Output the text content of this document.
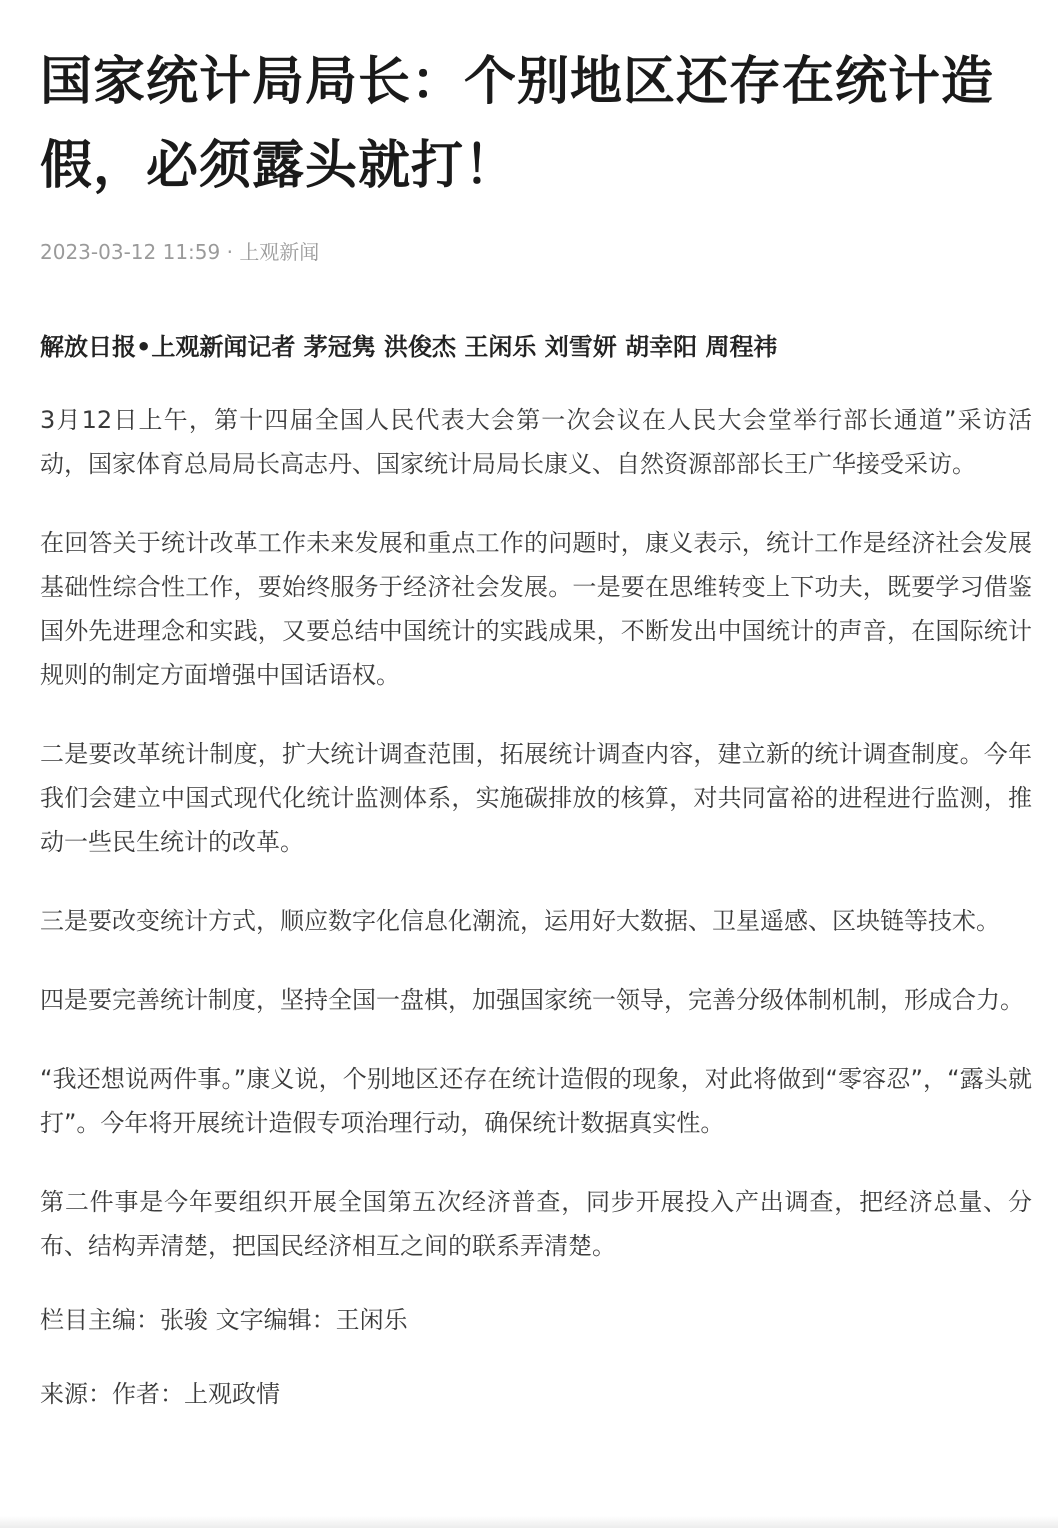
国家统计局局长：个别地区还存在统计造假，必须露头就打！
2023-03-12 11:59 · 上观新闻
解放日报•上观新闻记者 茅冠隽 洪俊杰 王闲乐 刘雪妍 胡幸阳 周程祎

3月12日上午，第十四届全国人民代表大会第一次会议在人民大会堂举行部长通道”采访活动，国家体育总局局长高志丹、国家统计局局长康义、自然资源部部长王广华接受采访。

在回答关于统计改革工作未来发展和重点工作的问题时，康义表示，统计工作是经济社会发展基础性综合性工作，要始终服务于经济社会发展。一是要在思维转变上下功夫，既要学习借鉴国外先进理念和实践，又要总结中国统计的实践成果，不断发出中国统计的声音，在国际统计规则的制定方面增强中国话语权。

二是要改革统计制度，扩大统计调查范围，拓展统计调查内容，建立新的统计调查制度。今年我们会建立中国式现代化统计监测体系，实施碳排放的核算，对共同富裕的进程进行监测，推动一些民生统计的改革。

三是要改变统计方式，顺应数字化信息化潮流，运用好大数据、卫星遥感、区块链等技术。

四是要完善统计制度，坚持全国一盘棋，加强国家统一领导，完善分级体制机制，形成合力。

“我还想说两件事。”康义说，个别地区还存在统计造假的现象，对此将做到“零容忍”，“露头就打”。今年将开展统计造假专项治理行动，确保统计数据真实性。

第二件事是今年要组织开展全国第五次经济普查，同步开展投入产出调查，把经济总量、分布、结构弄清楚，把国民经济相互之间的联系弄清楚。

栏目主编：张骏 文字编辑：王闲乐

来源：作者：上观政情
